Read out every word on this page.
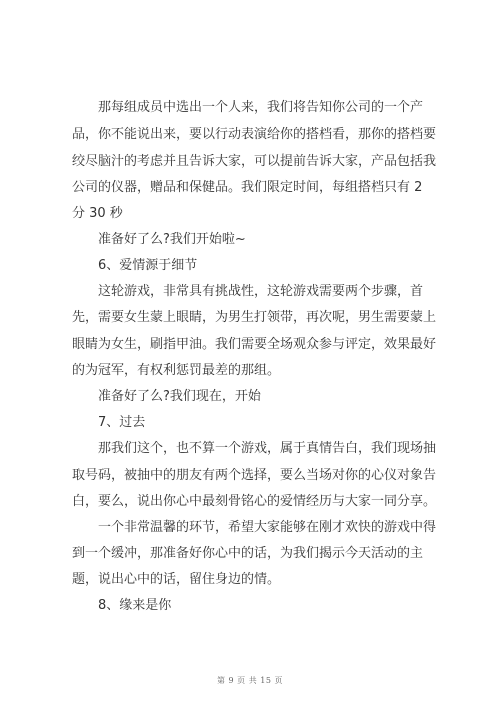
　　那每组成员中选出一个人来，我们将告知你公司的一个产
品，你不能说出来，要以行动表演给你的搭档看，那你的搭档要
绞尽脑汁的考虑并且告诉大家，可以提前告诉大家，产品包括我
公司的仪器，赠品和保健品。我们限定时间，每组搭档只有 2
分 30 秒
　　准备好了么?我们开始啦~
　　6、爱情源于细节
　　这轮游戏，非常具有挑战性，这轮游戏需要两个步骤，首
先，需要女生蒙上眼睛，为男生打领带，再次呢，男生需要蒙上
眼睛为女生，刷指甲油。我们需要全场观众参与评定，效果最好
的为冠军，有权利惩罚最差的那组。
　　准备好了么?我们现在，开始
　　7、过去
　　那我们这个，也不算一个游戏，属于真情告白，我们现场抽
取号码，被抽中的朋友有两个选择，要么当场对你的心仪对象告
白，要么，说出你心中最刻骨铭心的爱情经历与大家一同分享。
　　一个非常温馨的环节，希望大家能够在刚才欢快的游戏中得
到一个缓冲，那准备好你心中的话，为我们揭示今天活动的主
题，说出心中的话，留住身边的情。
　　8、缘来是你
第 9 页 共 15 页
